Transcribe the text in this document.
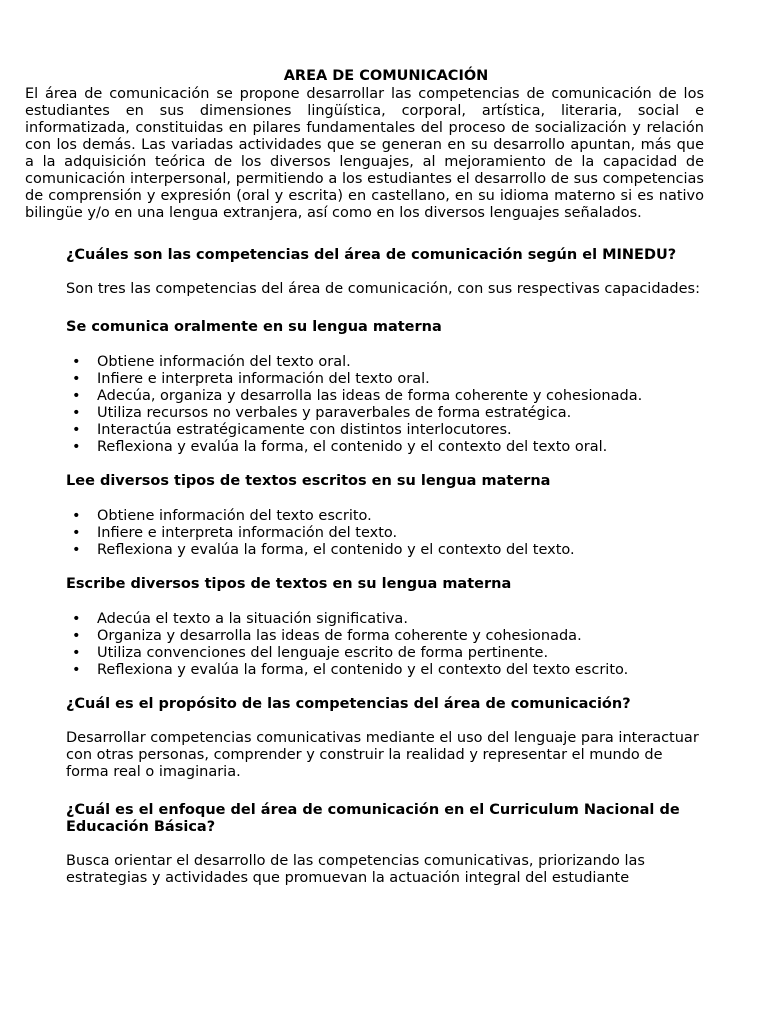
AREA DE COMUNICACIÓN

El área de comunicación se propone desarrollar las competencias de comunicación de los estudiantes en sus dimensiones lingüística, corporal, artística, literaria, social e informatizada, constituidas en pilares fundamentales del proceso de socialización y relación con los demás. Las variadas actividades que se generan en su desarrollo apuntan, más que a la adquisición teórica de los diversos lenguajes, al mejoramiento de la capacidad de comunicación interpersonal, permitiendo a los estudiantes el desarrollo de sus competencias de comprensión y expresión (oral y escrita) en castellano, en su idioma materno si es nativo bilingüe y/o en una lengua extranjera, así como en los diversos lenguajes señalados.

¿Cuáles son las competencias del área de comunicación según el MINEDU?

Son tres las competencias del área de comunicación, con sus respectivas capacidades:

Se comunica oralmente en su lengua materna
• Obtiene información del texto oral.
• Infiere e interpreta información del texto oral.
• Adecúa, organiza y desarrolla las ideas de forma coherente y cohesionada.
• Utiliza recursos no verbales y paraverbales de forma estratégica.
• Interactúa estratégicamente con distintos interlocutores.
• Reflexiona y evalúa la forma, el contenido y el contexto del texto oral.
Lee diversos tipos de textos escritos en su lengua materna
• Obtiene información del texto escrito.
• Infiere e interpreta información del texto.
• Reflexiona y evalúa la forma, el contenido y el contexto del texto.
Escribe diversos tipos de textos en su lengua materna
• Adecúa el texto a la situación significativa.
• Organiza y desarrolla las ideas de forma coherente y cohesionada.
• Utiliza convenciones del lenguaje escrito de forma pertinente.
• Reflexiona y evalúa la forma, el contenido y el contexto del texto escrito.
¿Cuál es el propósito de las competencias del área de comunicación?

Desarrollar competencias comunicativas mediante el uso del lenguaje para interactuar con otras personas, comprender y construir la realidad y representar el mundo de forma real o imaginaria.

¿Cuál es el enfoque del área de comunicación en el Curriculum Nacional de Educación Básica?

Busca orientar el desarrollo de las competencias comunicativas, priorizando las estrategias y actividades que promuevan la actuación integral del estudiante
